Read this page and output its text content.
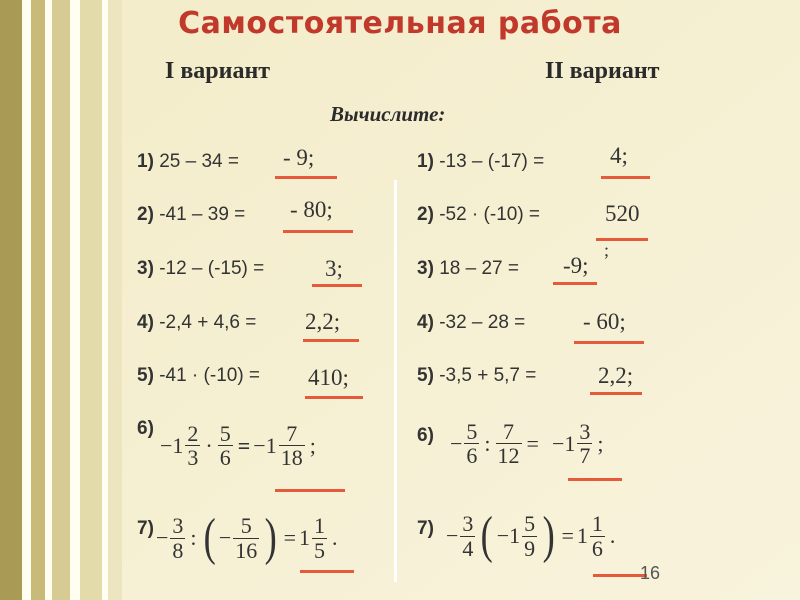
Самостоятельная работа
I вариант	II вариант
Вычислите:
1) 25 – 34 = - 9;
2) -41 – 39 = - 80;
3) -12 – (-15) =	3;
4) -2,4 + 4,6 = 2,2;
5) -41 · (-10) = 410;
6)
$-1 \frac{2}{3} \cdot \frac{5}{6} = -1 \frac{7}{18}$ ;
$7) - \frac{3}{8}$ : ( − $\frac{5}{16}$ ) = $1 \frac{1}{5}$ .
1) -13 – (-17) =	4;
2) -52 · (-10) =	520
;
3) 18 – 27 = -9;
4) -32 – 28 =	- 60;
5) -3,5 + 5,7 =	2,2;
$6) - \frac{5}{6}$ : $\frac{7}{12} = -1 \frac{3}{7}$ ;
$7) - \frac{3}{4}$ ( $-1 \frac{5}{9}$ ) = $1 \frac{1}{6}$ .
16
